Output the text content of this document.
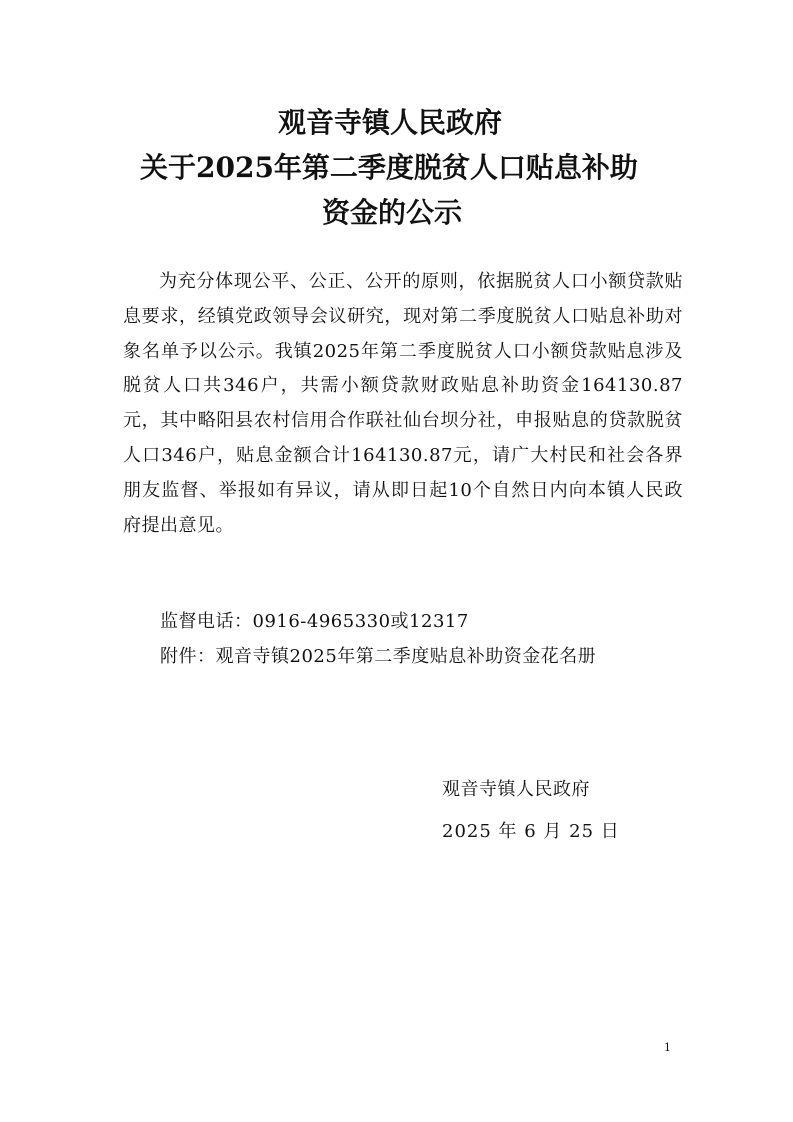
观音寺镇人民政府
关于2025年第二季度脱贫人口贴息补助
资金的公示

为充分体现公平、公正、公开的原则，依据脱贫人口小额贷款贴息要求，经镇党政领导会议研究，现对第二季度脱贫人口贴息补助对象名单予以公示。我镇2025年第二季度脱贫人口小额贷款贴息涉及脱贫人口共346户，共需小额贷款财政贴息补助资金164130.87元，其中略阳县农村信用合作联社仙台坝分社，申报贴息的贷款脱贫人口346户，贴息金额合计164130.87元，请广大村民和社会各界朋友监督、举报如有异议，请从即日起10个自然日内向本镇人民政府提出意见。

监督电话：0916-4965330或12317
附件：观音寺镇2025年第二季度贴息补助资金花名册
观音寺镇人民政府
2025 年 6 月 25 日
1
